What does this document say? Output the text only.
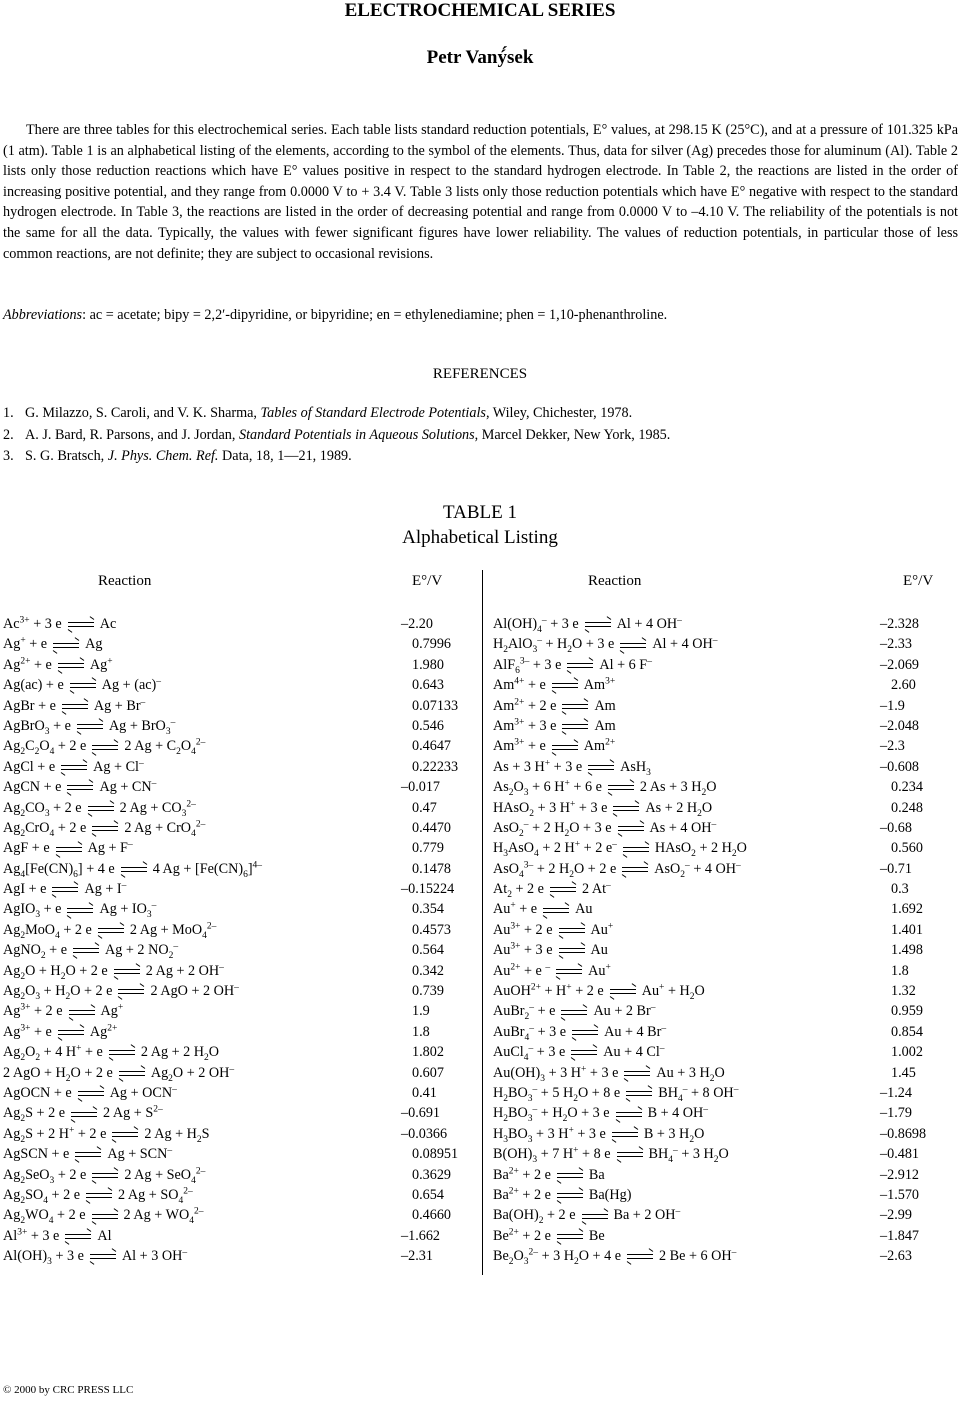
ELECTROCHEMICAL SERIES
Petr Vaný́sek
There are three tables for this electrochemical series. Each table lists standard reduction potentials, E° values, at 298.15 K (25°C), and at a pressure of 101.325 kPa (1 atm). Table 1 is an alphabetical listing of the elements, according to the symbol of the elements. Thus, data for silver (Ag) precedes those for aluminum (Al). Table 2 lists only those reduction reactions which have E° values positive in respect to the standard hydrogen electrode. In Table 2, the reactions are listed in the order of increasing positive potential, and they range from 0.0000 V to + 3.4 V. Table 3 lists only those reduction potentials which have E° negative with respect to the standard hydrogen electrode. In Table 3, the reactions are listed in the order of decreasing potential and range from 0.0000 V to –4.10 V. The reliability of the potentials is not the same for all the data. Typically, the values with fewer significant figures have lower reliability. The values of reduction potentials, in particular those of less common reactions, are not definite; they are subject to occasional revisions.
Abbreviations: ac = acetate; bipy = 2,2′-dipyridine, or bipyridine; en = ethylenediamine; phen = 1,10-phenanthroline.
REFERENCES
1. G. Milazzo, S. Caroli, and V. K. Sharma, Tables of Standard Electrode Potentials, Wiley, Chichester, 1978.
2. A. J. Bard, R. Parsons, and J. Jordan, Standard Potentials in Aqueous Solutions, Marcel Dekker, New York, 1985.
3. S. G. Bratsch, J. Phys. Chem. Ref. Data, 18, 1—21, 1989.
TABLE 1
Alphabetical Listing
Reaction	E°/V	Reaction	E°/V
$Ac^{3+} + 3$ e	Ac	–2.20
Ag+ + e	Ag	0.7996
$Ag^{2+} + e$	Ag+	1.980
Ag(ac) + e	Ag + (ac)–	0.643
AgBr + e	Ag + Br–	0.07133
AgBrO$_3$ + e	Ag + BrO$_3$–	0.546
$Ag_2C_2O_4 + 2$ e	2 $Ag + C_2O_4^{2-}$	0.4647
AgCl + e	Ag + Cl–	0.22233
AgCN + e	Ag + CN–	–0.017
$Ag_2CO_3 + 2$ e	2 $Ag + CO_3^{2-}$	0.47
$Ag_2CrO_4 + 2$ e	2 Ag + CrO$_4^{2-}$	0.4470
AgF + e	Ag + F–	0.779
$Ag_4[Fe(CN)_6] + 4$ e	4 $Ag + [Fe(CN)_6]^{4-}$	0.1478
AgI + e	Ag + I–	–0.15224
AgIO$_3$ + e	$Ag + IO_3^-$	0.354
$Ag_2MoO_4 + 2$ e	2 Ag + MoO$_4^{2-}$	0.4573
AgNO$_2$ + e	Ag + 2 $NO_2^-$	0.564
$Ag_2O + H_2O + 2$ e	2 Ag + 2 OH–	0.342
$Ag_2O_3 + H_2O + 2$ e	2 AgO + 2 OH–	0.739
$Ag^{3+} + 2$ e	Ag+	1.9
$Ag^{3+} + e$	$Ag^{2+}$	1.8
$Ag_2O_2 + 4$ H+ + e	2 Ag + 2 $H_2O$	1.802
2 AgO + $H_2O + 2$ e	$Ag_2O + 2$ OH–	0.607
AgOCN + e	Ag + OCN–	0.41
$Ag_2S + 2$ e	2 $Ag + S^{2-}$	–0.691
$Ag_2S + 2$ H+ + 2 e	2 $Ag + H_2S$	–0.0366
AgSCN + e	Ag + SCN–	0.08951
$Ag_2SeO_3 + 2$ e	2 Ag + SeO$_4^{2-}$	0.3629
$Ag_2SO_4 + 2$ e	2 $Ag + SO_4^{2-}$	0.654
$Ag_2WO_4 + 2$ e	2 $Ag + WO_4^{2-}$	0.4660
$Al^{3+} + 3$ e	Al	–1.662
$Al(OH)_3 + 3$ e	Al + 3 OH–	–2.31
$Al(OH)_4^- + 3$ e	Al + 4 OH–	–2.328
$H_2AlO_3^- + H_2O + 3$ e	Al + 4 OH–	–2.33
AlF$_6^{3-}$ + 3 e	Al + 6 F–	–2.069
$Am^{4+} + e$	$Am^{3+}$	2.60
$Am^{2+} + 2$ e	Am	–1.9
$Am^{3+} + 3$ e	Am	–2.048
$Am^{3+} + e$	$Am^{2+}$	–2.3
As + 3 H+ + 3 e	AsH$_3$	–0.608
$As_2O_3 + 6$ H+ + 6 e	2 As + 3 $H_2O$	0.234
HAsO$_2$ + 3 H+ + 3 e	As + 2 $H_2O$	0.248
AsO$_2$– + 2 $H_2O + 3$ e	As + 4 OH–	–0.68
$H_3AsO_4 + 2$ H+ + 2 e–	HAsO$_2$ + 2 $H_2O$	0.560
AsO$_4^{3-}$ + 2 $H_2O + 2$ e	AsO$_2$– + 4 OH–	–0.71
$At_2 + 2$ e	2 At–	0.3
Au+ + e	Au	1.692
$Au^{3+} + 2$ e	Au+	1.401
$Au^{3+} + 3$ e	Au	1.498
$Au^{2+} + e$ –	Au+	1.8
AuOH$^{2+}$ + H+ + 2 e	$Au^+ + H_2O$	1.32
AuBr$_2$– + e	Au + 2 Br–	0.959
AuBr$_4$– + 3 e	Au + 4 Br–	0.854
AuCl$_4$– + 3 e	Au + 4 Cl–	1.002
$Au(OH)_3 + 3$ H+ + 3 e	Au + 3 $H_2O$	1.45
$H_2BO_3^- + 5$ $H_2O + 8$ e	$BH_4^- + 8$ OH–	–1.24
$H_2BO_3^- + H_2O + 3$ e	B + 4 OH–	–1.79
$H_3BO_3 + 3$ H+ + 3 e	B + 3 $H_2O$	–0.8698
$B(OH)_3 + 7$ H+ + 8 e	$BH_4^- + 3$ $H_2O$	–0.481
$Ba^{2+} + 2$ e	Ba	–2.912
$Ba^{2+} + 2$ e	Ba(Hg)	–1.570
$Ba(OH)_2 + 2$ e	Ba + 2 OH–	–2.99
$Be^{2+} + 2$ e	Be	–1.847
$Be_2O_3^{2-} + 3$ $H_2O + 4$ e	2 Be + 6 OH–	–2.63
© 2000 by CRC PRESS LLC
